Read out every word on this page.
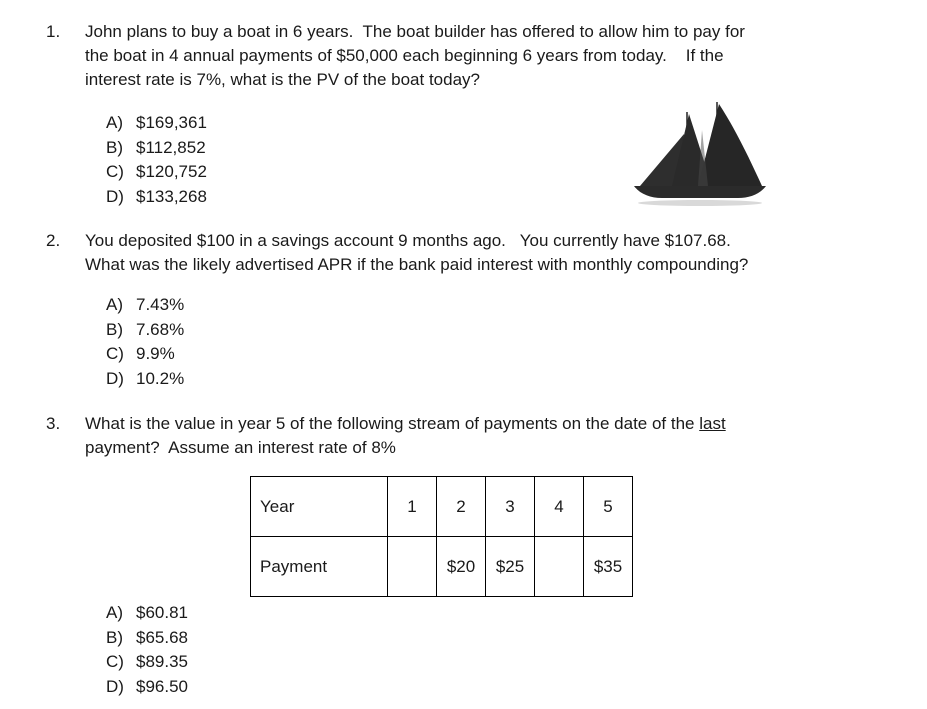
1. John plans to buy a boat in 6 years.  The boat builder has offered to allow him to pay for
the boat in 4 annual payments of $50,000 each beginning 6 years from today.    If the
interest rate is 7%, what is the PV of the boat today?
A) $169,361
B) $112,852
C) $120,752
D) $133,268
2. You deposited $100 in a savings account 9 months ago.   You currently have $107.68.
What was the likely advertised APR if the bank paid interest with monthly compounding?
A) 7.43%
B) 7.68%
C) 9.9%
D) 10.2%
3. What is the value in year 5 of the following stream of payments on the date of the last
payment?  Assume an interest rate of 8%
Year	1	2	3	4	5
Payment		$20	$25		$35
A) $60.81
B) $65.68
C) $89.35
D) $96.50
